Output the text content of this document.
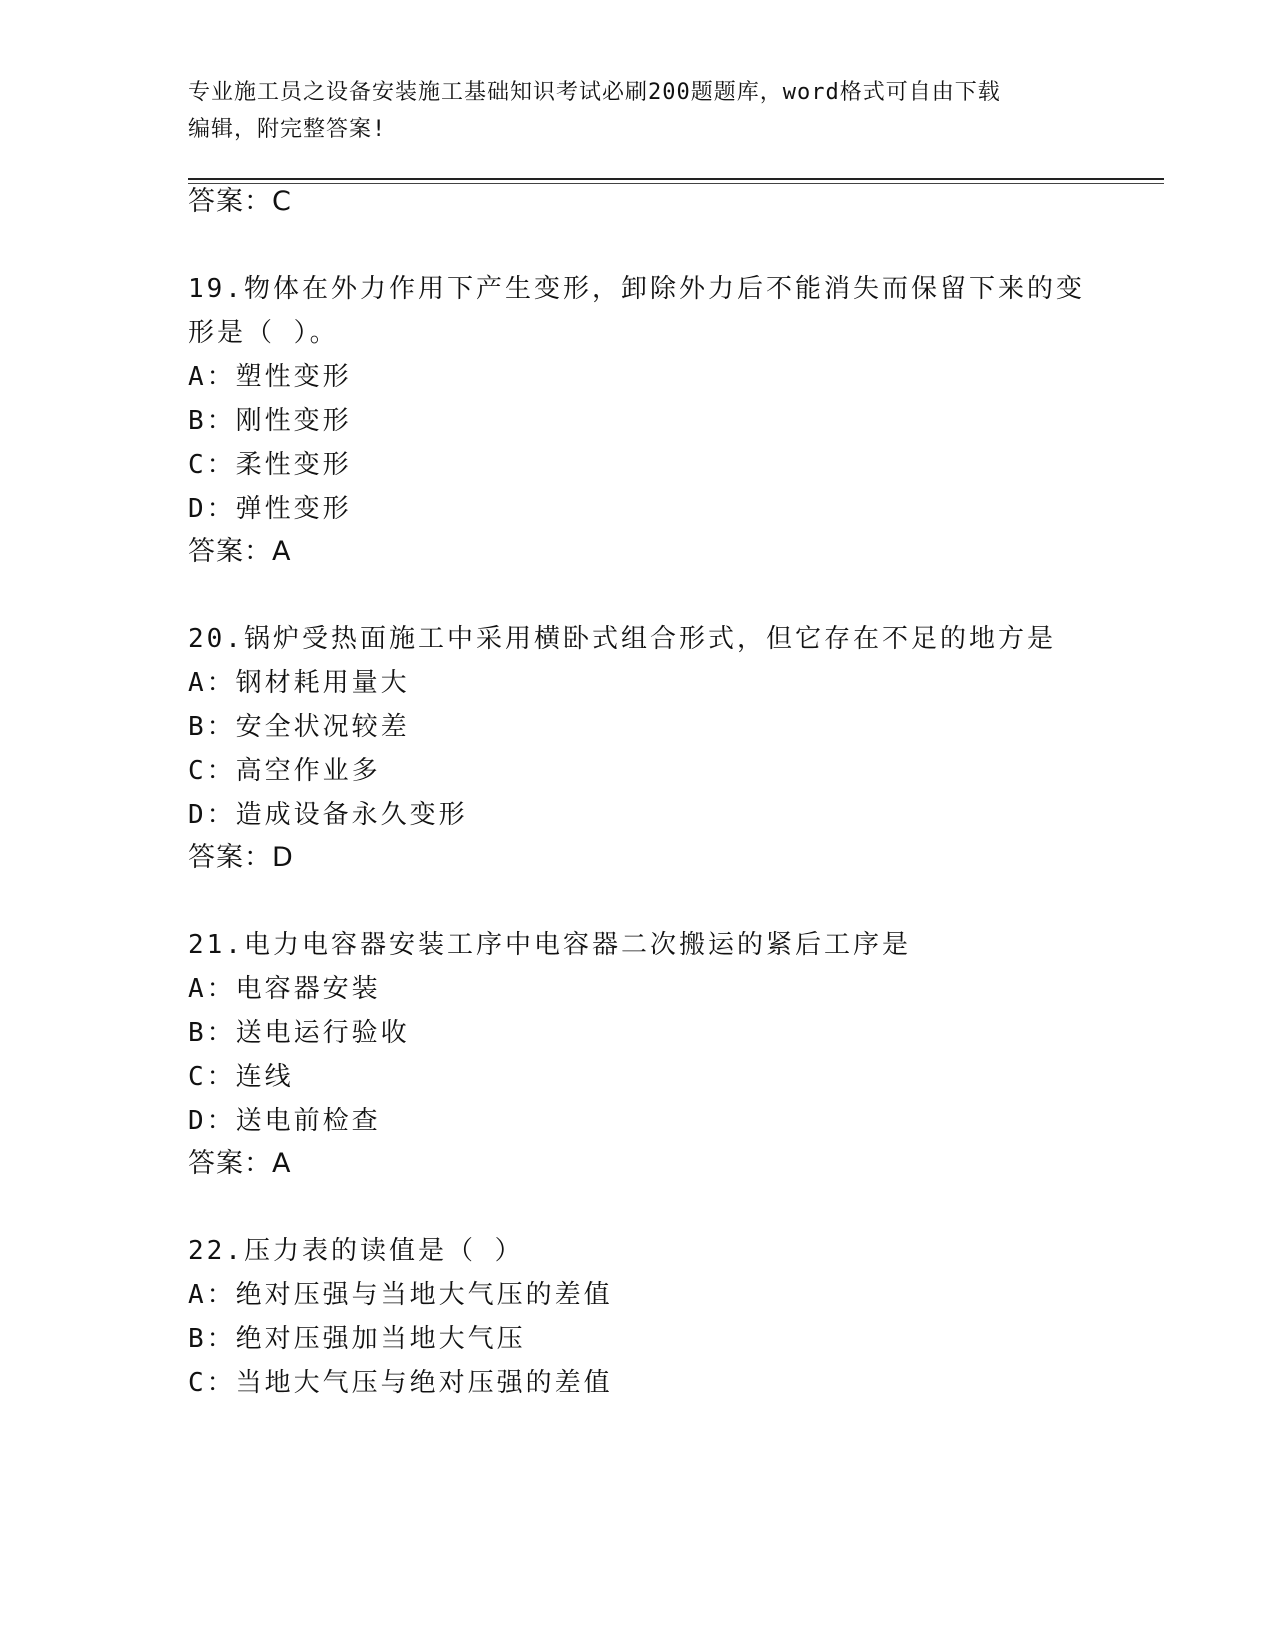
专业施工员之设备安装施工基础知识考试必刷200题题库，word格式可自由下载
编辑，附完整答案!
答案：C
19.物体在外力作用下产生变形，卸除外力后不能消失而保留下来的变
形是（ ）。
A：塑性变形
B：刚性变形
C：柔性变形
D：弹性变形
答案：A
20.锅炉受热面施工中采用横卧式组合形式，但它存在不足的地方是
A：钢材耗用量大
B：安全状况较差
C：高空作业多
D：造成设备永久变形
答案：D
21.电力电容器安装工序中电容器二次搬运的紧后工序是
A：电容器安装
B：送电运行验收
C：连线
D：送电前检查
答案：A
22.压力表的读值是（ ）
A：绝对压强与当地大气压的差值
B：绝对压强加当地大气压
C：当地大气压与绝对压强的差值
